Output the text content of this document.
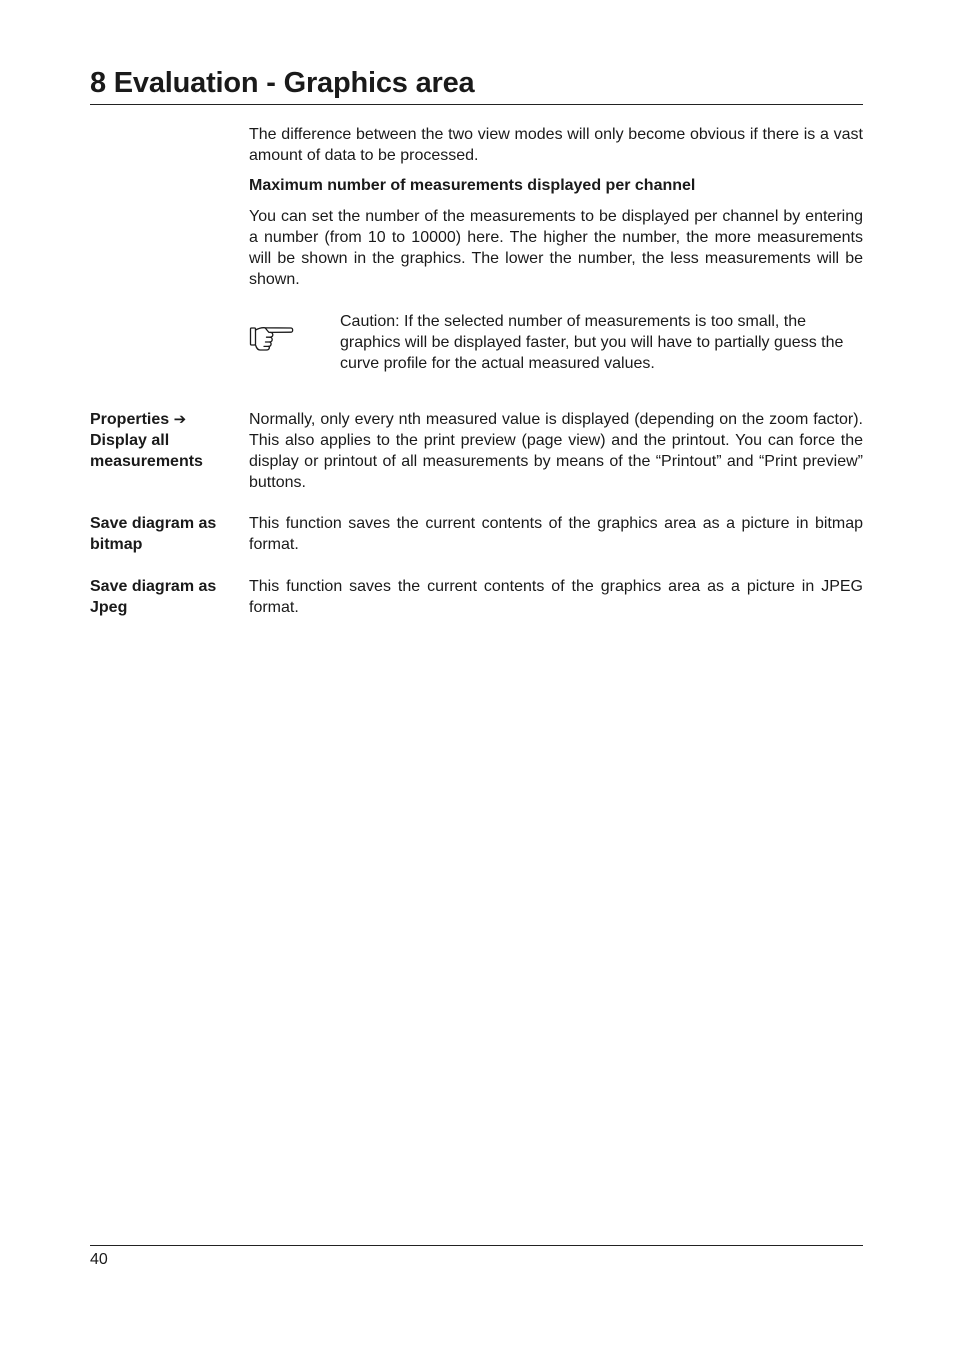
8 Evaluation - Graphics area

The difference between the two view modes will only become obvious if there is a vast amount of data to be processed.

Maximum number of measurements displayed per channel

You can set the number of the measurements to be displayed per channel by entering a number (from 10 to 10000) here. The higher the number, the more measurements will be shown in the graphics. The lower the number, the less measurements will be shown.

Caution: If the selected number of measurements is too small, the graphics will be displayed faster, but you will have to partially guess the curve profile for the actual measured values.

Properties ➔
Display all measurements

Normally, only every nth measured value is displayed (depending on the zoom factor). This also applies to the print preview (page view) and the printout. You can force the display or printout of all measurements by means of the “Printout” and “Print preview” buttons.

Save diagram as bitmap

This function saves the current contents of the graphics area as a picture in bitmap format.

Save diagram as Jpeg

This function saves the current contents of the graphics area as a picture in JPEG format.

40
